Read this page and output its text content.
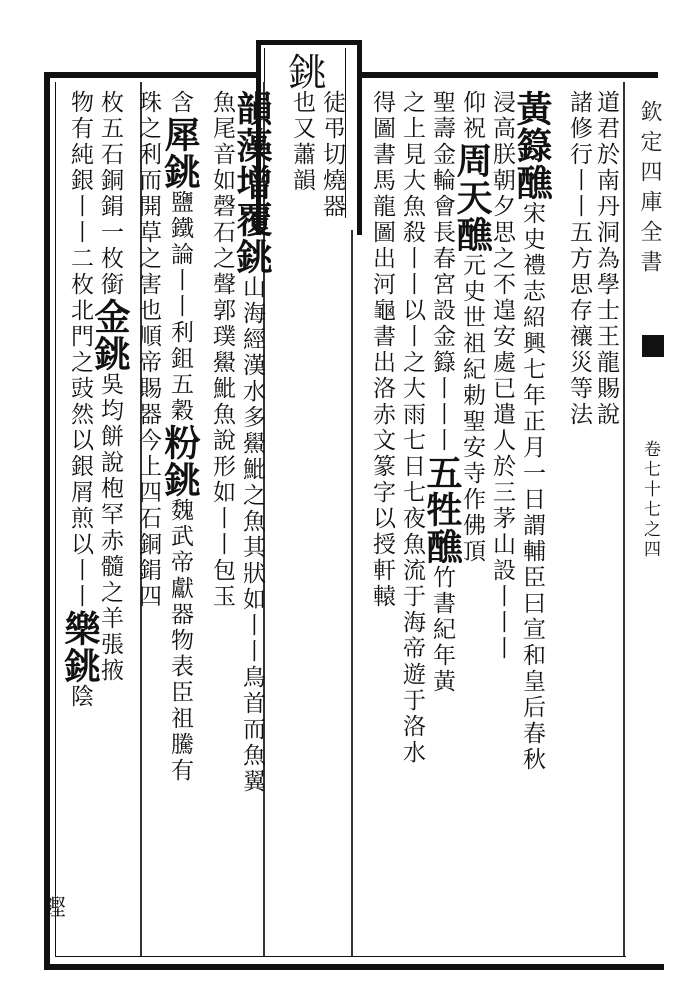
銚
欽定四庫全書
卷七十七之四
道君於南丹洞為學士王龍賜說
諸修行丨丨五方思存禳災等法
黃籙醮宋史禮志紹興七年正月一日謂輔臣曰宣和皇后春秋
浸高朕朝夕思之不遑安處已遣人於三茅山設丨丨丨
仰祝周天醮元史世祖紀勅聖安寺作佛頂
聖壽金輪會長春宮設金籙丨丨丨五牲醮竹書紀年黃
之上見大魚殺丨丨以丨之大雨七日七夜魚流于海帝遊于洛水
得圖書馬龍圖出河龜書出洛赤文篆字以授軒轅
徒弔切燒器
也又蕭韻
韻藻增覆銚山海經漢水多鱟魮之魚其狀如丨丨鳥首而魚翼
魚尾音如磬石之聲郭璞鱟魮魚說形如丨丨包玉
含犀銚鹽鐵論丨丨利鉏五穀粉銚魏武帝獻器物表臣祖騰有
珠之利而開草之害也順帝賜器今上四石銅鋗四
枚五石銅鋗一枚銜金銚吳均餅說枹罕赤髓之羊張掖
物有純銀丨丨二枚北門之豉然以銀屑煎以丨丨樂銚陰
鏗
